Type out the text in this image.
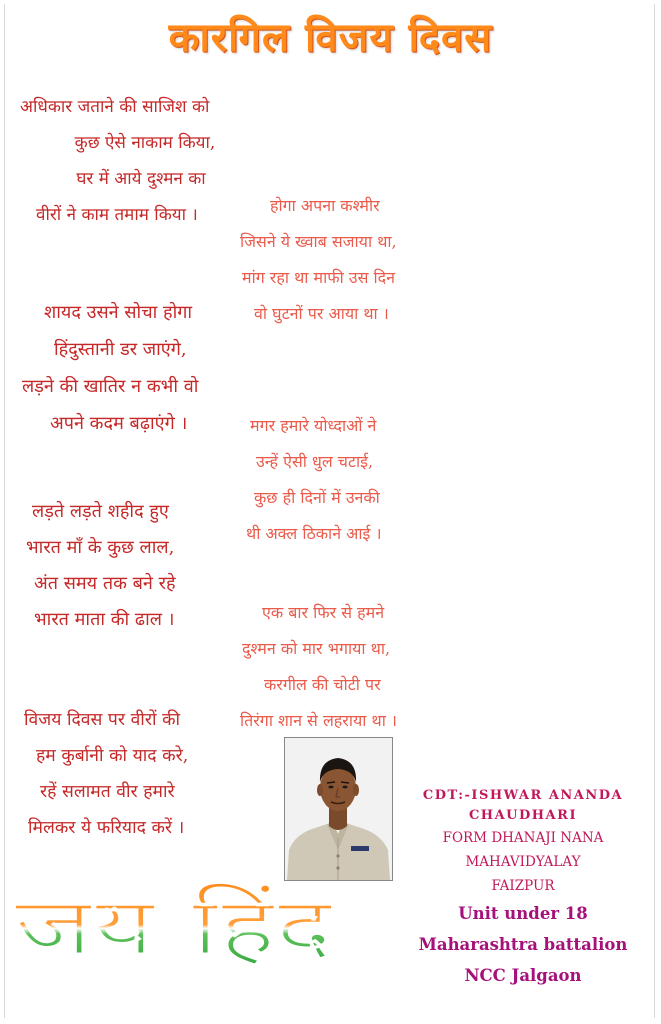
कारगिल विजय दिवस
अधिकार जताने की साजिश को
कुछ ऐसे नाकाम किया,
घर में आये दुश्मन का
वीरों ने काम तमाम किया ।	होगा अपना कश्मीर
जिसने ये ख्वाब सजाया था,
मांग रहा था माफी उस दिन
वो घुटनों पर आया था ।
शायद उसने सोचा होगा
हिंदुस्तानी डर जाएंगे,
लड़ने की खातिर न कभी वो
अपने कदम बढ़ाएंगे ।	मगर हमारे योध्दाओं ने
उन्हें ऐसी धुल चटाई,
कुछ ही दिनों में उनकी
थी अक्ल ठिकाने आई ।
लड़ते लड़ते शहीद हुए
भारत माँ के कुछ लाल,
अंत समय तक बने रहे
भारत माता की ढाल ।	एक बार फिर से हमने
दुश्मन को मार भगाया था,
करगील की चोटी पर
तिरंगा शान से लहराया था ।
विजय दिवस पर वीरों की
हम कुर्बानी को याद करे,
रहें सलामत वीर हमारे
मिलकर ये फरियाद करें ।
CDT:-ISHWAR ANANDA
CHAUDHARI
FORM DHANAJI NANA
MAHAVIDYALAY
FAIZPUR
Unit under 18
Maharashtra battalion
NCC Jalgaon
जय हिंद
